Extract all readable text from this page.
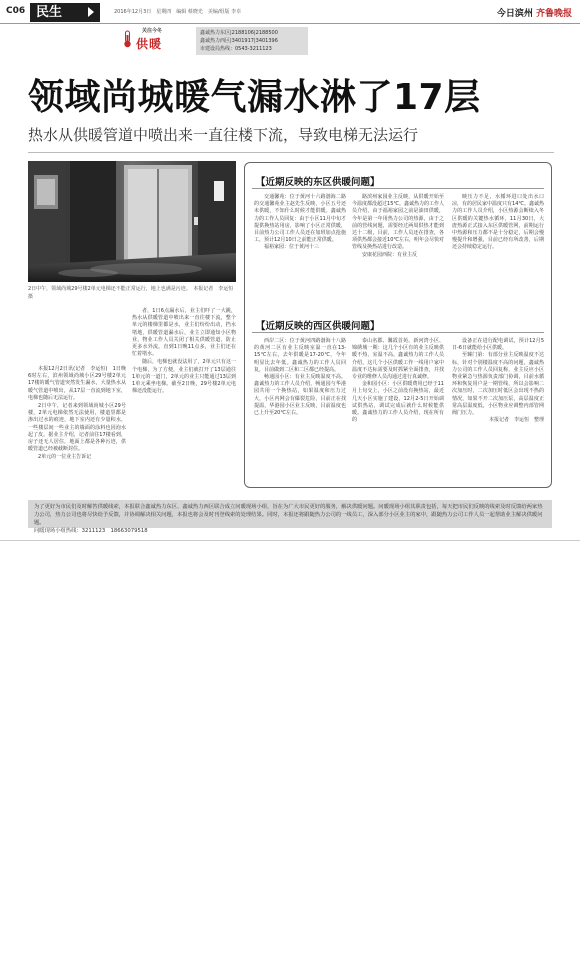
C06 民生	2016年12月3日　星期四　编辑 蔡晓光　美编/组版 李卓	今日滨州 齐鲁晚报
关注今冬
供暖
鑫诚热力东区|2188106|2188500
鑫诚热力西区|3401917|3401396
市建设局热线：0543-3211123
领域尚城暖气漏水淋了17层
热水从供暖管道中喷出来一直往楼下流，导致电梯无法运行

2日中午，领域尚城29号楼2单元电梯还不能正常运行，地上也满是污迹。　本报记者　李运恒　摄

本报12月2日讯(记者　李运恒)　1日晚6时左右，滨州领域尚城小区29号楼2单元17楼的暖气管道突然发生漏水，大量热水从暖气管道中喷出，从17层一直流到地下室，电梯也随后无法运行。

2日中午，记者来到领域尚城小区29号楼，2单元电梯依然无法使用，楼道里都是渗出过水的痕迹，地下室内还有少量积水，一些楼层间一些业主的墙面的涂料也因泡水起了皮。据业主介绍，记者前往17楼看到，房子还无人居住，地面上都是各种污迹，供暖管道已经被截断封住。

2单元的一位业主告诉记

者，1日6点漏水后，业主们吓了一大跳，热水从供暖管道中喷出来一直往楼下流，整个单元的楼梯里都是水，业主们纷纷出动，挡水堵地，供暖管道漏水后，业主立即通知小区物业，物业工作人员关闭了相关供暖管道，防止更多水外流。直到1日晚11点多，业主们还在忙着堵水。

随后，电梯也就没法用了，2单元只有这一个电梯，为了方便，业主们就打开了13层通往1单元的一道门，2单元的业主只能通过13层到1单元乘坐电梯。截至2日晚，29号楼2单元电梯还没能运行。

【近期反映的东区供暖问题】

交通馨苑：位于黄河十六路渤海二路的交通馨苑业主赵先生反映，小区五号还未供暖，不知什么时候才能供暖。鑫诚热力的工作人员回复：由于小区11月中旬才提供换热站用房，影响了小区正常供暖，目前热力公司工作人员还在加班加点抢施工，预计12月10日之前能正常供暖。

福裕家园：位于黄河十三

路滨州家园业主反映，从供暖开始至今温度都没超过15℃。鑫诚热力的工作人员介绍，由于福裕家园之前是油田供暖，今年是第一年用热力公司的热源，由于之前的管线问题，需要经过两周供热才能到达十二级，目前，工作人员还在排查，各项供热都会接近10℃左右，明年会尽快对管线及换热站进行改造。

安康花园西院：有业主反

映压力不足，水循环进口处出水口凉，有的居民家中温度只有14℃。鑫诚热力的工作人员介绍，小区热源会断续入冬区供暖的关键热水循环，11月30日，大唐热源正式接入东区供暖管网，前期运行中热源和压力都不是十分稳定，后期会慢慢提升和增强，目前已经有所改善，后期还会持续稳定运行。

【近期反映的西区供暖问题】

西岸二区：位于黄河四路渤海十八路的黄河二区有业主反映室温一直在13-15℃左右，去年供暖是17-20℃，今年明显比去年低。鑫诚热力的工作人员回复，目前做到二区和二区都已经提高。

畅通园小区：有业主反映温度不高。鑫诚热力的工作人员介绍，畅通园与华港园共用一个换热站，如果温度和压力过大，小区内网会有爆裂危险，目前正在找提温，华港园小区业主反映，目前温度也已上升至20℃左右。

泰山名郡、馨霞首苑、新河湾小区、锦绣城一期：这几个小区有的业主反映供暖不热，室温不高。鑫诚热力的工作人员介绍，这几个小区供暖工作一线用户家中温度不达标需要及时抓紧全面排查，并找专业的维修人员沟通过进行真诚修。

金和园小区：小区供暖费用已经于11月上旬交上，小区之前没有换热站，最近几天小区实施了建设，12月2-5日开始调试供热站，调试完成后就什么时候能供暖。鑫诚热力的工作人员介绍，现在所有的

设备正在进行配电调试，预计12月5日-6日就能给小区供暖。

至臻门第：有部分业主反映温度不达标，针对个别楼温度不高的问题，鑫诚热力公司的工作人员回复称，业主反应小区物业紧急与热源负责部门协调，目前水循环和恢复用户是一期管线，所以会影响二次加压时，二次加压时低区会出现不热的情况，如果不开二次加压泵，高层温度正常高层温度低，小区物业应调整内部管网阀门压力。

本报记者　李运恒　整理

为了更好为市民们及时解答供暖线索，本报联合鑫诚热力东区、鑫诚热力西区联合成立问暖现场小组，旨在为广大市民更好的服务，解决供暖问题。问暖现场小组其职责包括，每天把市民们反映的线索及时反馈给两家热力公司，热力公司也将尽快给予反馈，并协调解决相关问题，本报也将会及时刊登线索的处理结果。同时，本报还将跟随热力公司的一线员工，深入部分小区业主的家中，跟随热力公司工作人员一起帮助业主解决供暖问题。
问暖现场小组热线：3211123　18663079518
